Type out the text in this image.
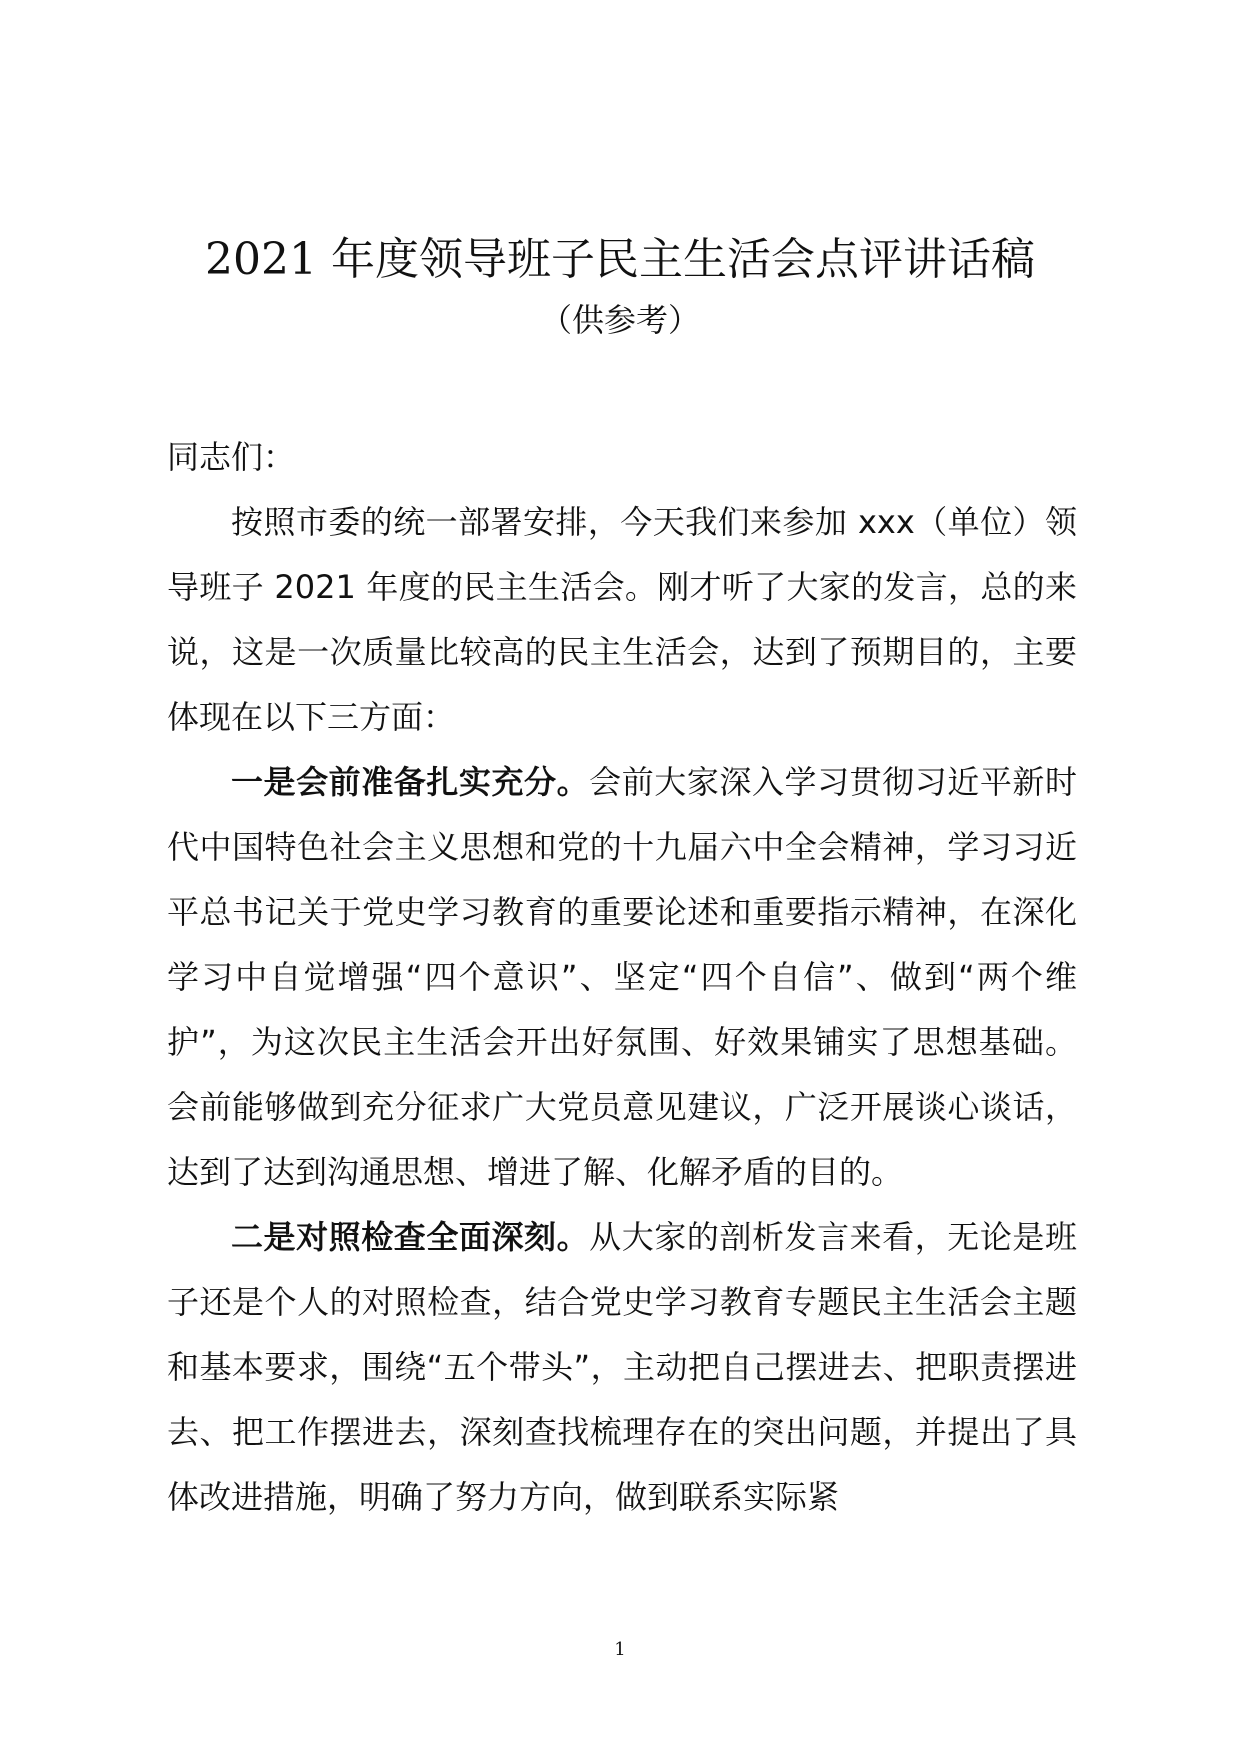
2021 年度领导班子民主生活会点评讲话稿
（供参考）

同志们：

按照市委的统一部署安排，今天我们来参加 xxx（单位）领导班子 2021 年度的民主生活会。刚才听了大家的发言，总的来说，这是一次质量比较高的民主生活会，达到了预期目的，主要体现在以下三方面：

一是会前准备扎实充分。会前大家深入学习贯彻习近平新时代中国特色社会主义思想和党的十九届六中全会精神，学习习近平总书记关于党史学习教育的重要论述和重要指示精神，在深化学习中自觉增强“四个意识”、坚定“四个自信”、做到“两个维护”，为这次民主生活会开出好氛围、好效果铺实了思想基础。会前能够做到充分征求广大党员意见建议，广泛开展谈心谈话，达到了达到沟通思想、增进了解、化解矛盾的目的。

二是对照检查全面深刻。从大家的剖析发言来看，无论是班子还是个人的对照检查，结合党史学习教育专题民主生活会主题和基本要求，围绕“五个带头”，主动把自己摆进去、把职责摆进去、把工作摆进去，深刻查找梳理存在的突出问题，并提出了具体改进措施，明确了努力方向，做到联系实际紧

1
